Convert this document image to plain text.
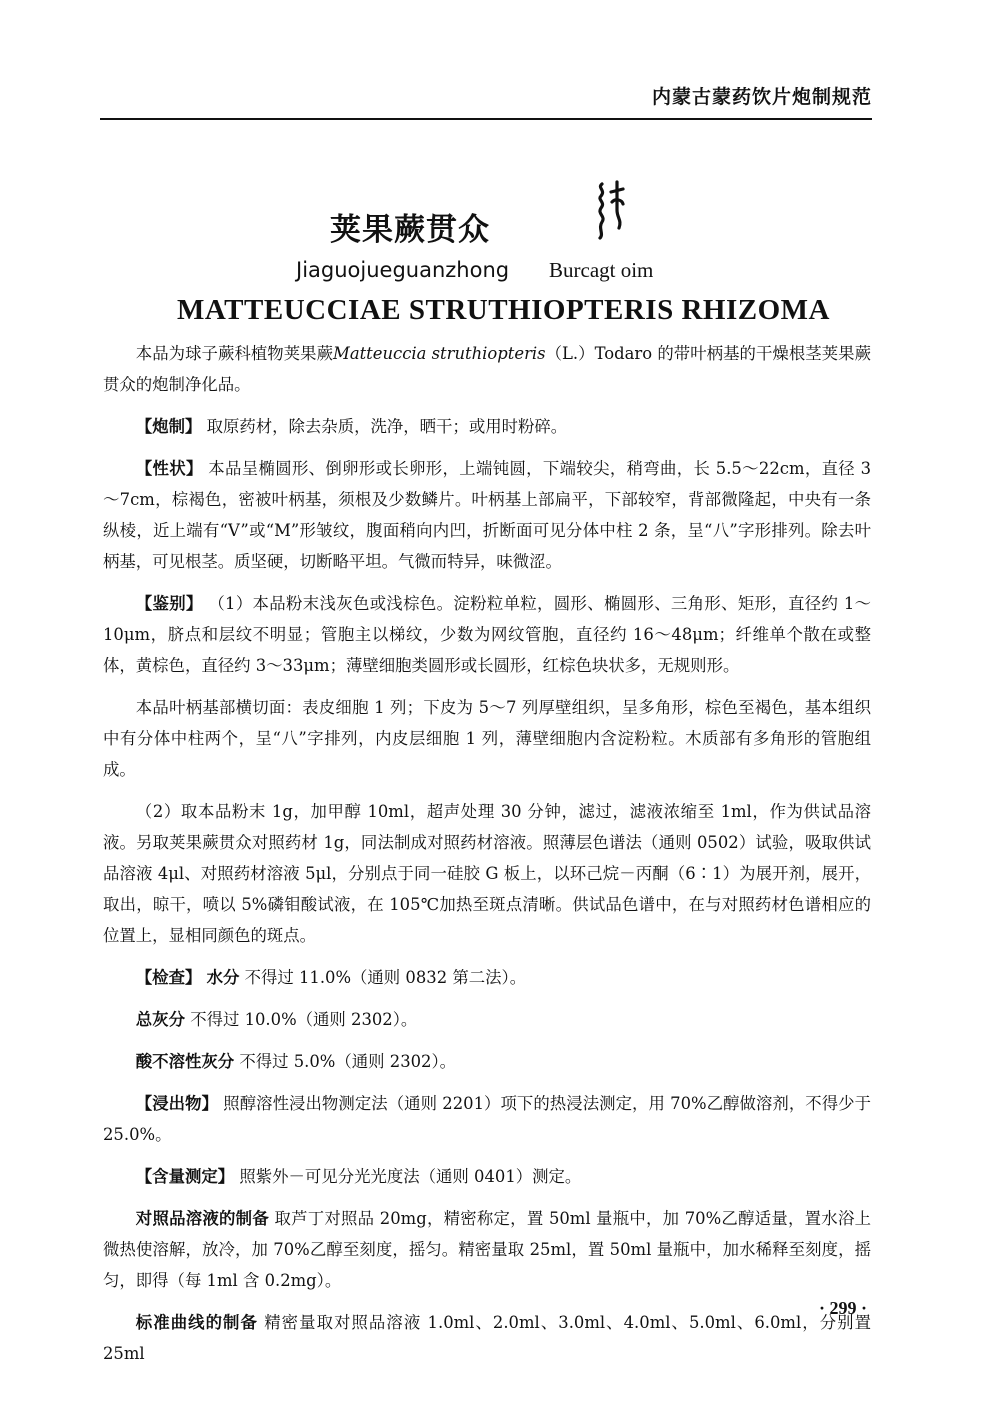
内蒙古蒙药饮片炮制规范
荚果蕨贯众
Jiaguojueguanzhong Burcagt oim
MATTEUCCIAE STRUTHIOPTERIS RHIZOMA

本品为球子蕨科植物荚果蕨Matteuccia struthiopteris（L.）Todaro 的带叶柄基的干燥根茎荚果蕨贯众的炮制净化品。

【炮制】 取原药材，除去杂质，洗净，晒干；或用时粉碎。

【性状】 本品呈椭圆形、倒卵形或长卵形，上端钝圆，下端较尖，稍弯曲，长 5.5～22cm，直径 3～7cm，棕褐色，密被叶柄基，须根及少数鳞片。叶柄基上部扁平，下部较窄，背部微隆起，中央有一条纵棱，近上端有“V”或“M”形皱纹，腹面稍向内凹，折断面可见分体中柱 2 条，呈“八”字形排列。除去叶柄基，可见根茎。质坚硬，切断略平坦。气微而特异，味微涩。

【鉴别】 （1）本品粉末浅灰色或浅棕色。淀粉粒单粒，圆形、椭圆形、三角形、矩形，直径约 1～10μm，脐点和层纹不明显；管胞主以梯纹，少数为网纹管胞，直径约 16～48μm；纤维单个散在或整体，黄棕色，直径约 3～33μm；薄壁细胞类圆形或长圆形，红棕色块状多，无规则形。

本品叶柄基部横切面：表皮细胞 1 列；下皮为 5～7 列厚壁组织，呈多角形，棕色至褐色，基本组织中有分体中柱两个，呈“八”字排列，内皮层细胞 1 列，薄壁细胞内含淀粉粒。木质部有多角形的管胞组成。

（2）取本品粉末 1g，加甲醇 10ml，超声处理 30 分钟，滤过，滤液浓缩至 1ml，作为供试品溶液。另取荚果蕨贯众对照药材 1g，同法制成对照药材溶液。照薄层色谱法（通则 0502）试验，吸取供试品溶液 4μl、对照药材溶液 5μl，分别点于同一硅胶 G 板上，以环己烷－丙酮（6∶1）为展开剂，展开，取出，晾干，喷以 5%磷钼酸试液，在 105℃加热至斑点清晰。供试品色谱中，在与对照药材色谱相应的位置上，显相同颜色的斑点。

【检查】 水分 不得过 11.0%（通则 0832 第二法）。

总灰分 不得过 10.0%（通则 2302）。

酸不溶性灰分 不得过 5.0%（通则 2302）。

【浸出物】 照醇溶性浸出物测定法（通则 2201）项下的热浸法测定，用 70%乙醇做溶剂，不得少于 25.0%。

【含量测定】 照紫外－可见分光光度法（通则 0401）测定。

对照品溶液的制备 取芦丁对照品 20mg，精密称定，置 50ml 量瓶中，加 70%乙醇适量，置水浴上微热使溶解，放冷，加 70%乙醇至刻度，摇匀。精密量取 25ml，置 50ml 量瓶中，加水稀释至刻度，摇匀，即得（每 1ml 含 0.2mg）。

标准曲线的制备 精密量取对照品溶液 1.0ml、2.0ml、3.0ml、4.0ml、5.0ml、6.0ml，分别置 25ml

· 299 ·
